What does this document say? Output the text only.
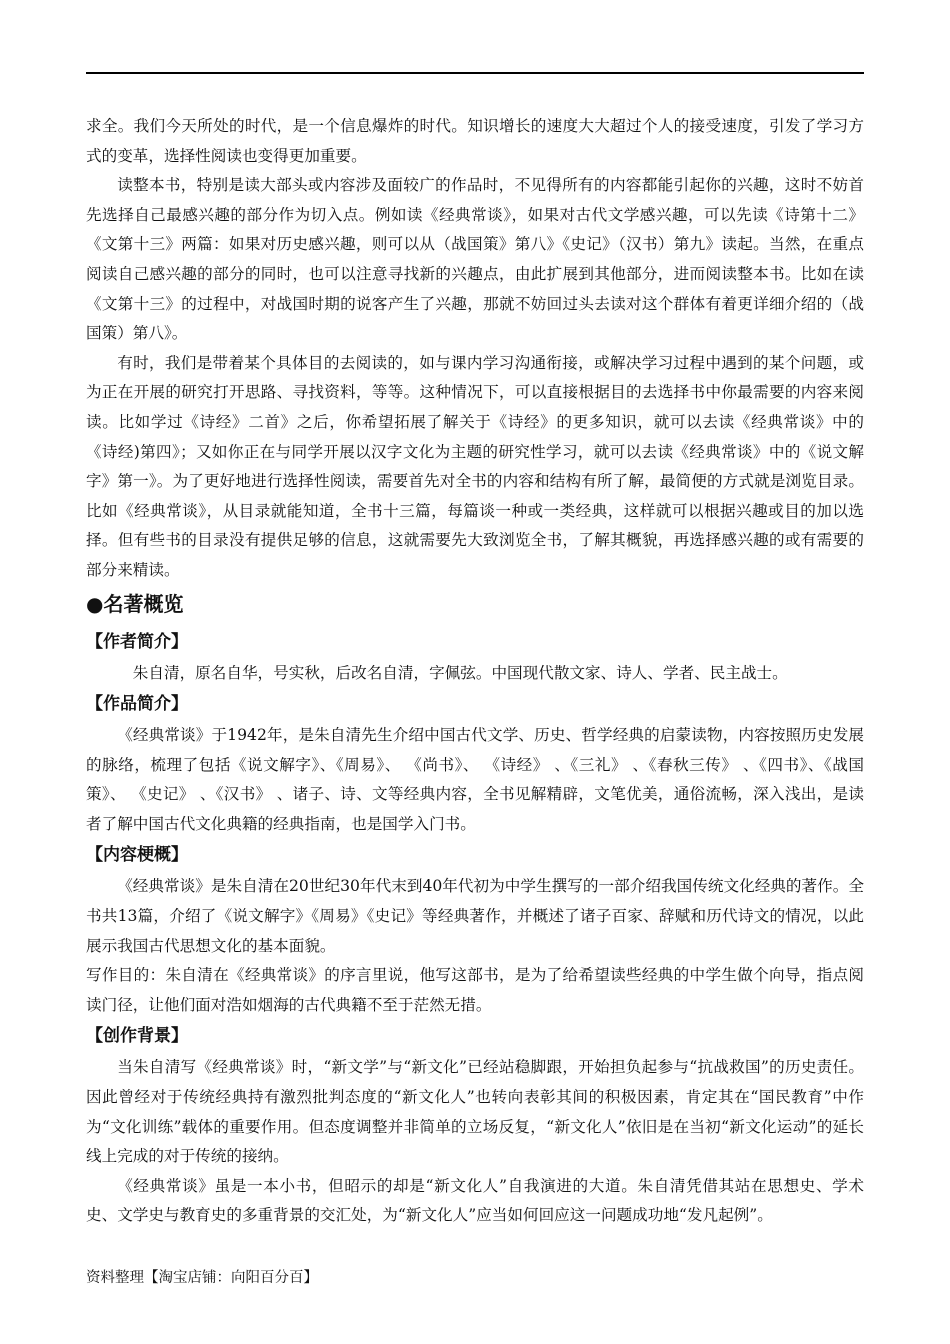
求全。我们今天所处的时代，是一个信息爆炸的时代。知识增长的速度大大超过个人的接受速度，引发了学习方式的变革，选择性阅读也变得更加重要。

读整本书，特别是读大部头或内容涉及面较广的作品时，不见得所有的内容都能引起你的兴趣，这时不妨首先选择自己最感兴趣的部分作为切入点。例如读《经典常谈》，如果对古代文学感兴趣，可以先读《诗第十二》《文第十三》两篇：如果对历史感兴趣，则可以从（战国策》第八》《史记》（汉书）第九》读起。当然，在重点阅读自己感兴趣的部分的同时，也可以注意寻找新的兴趣点，由此扩展到其他部分，进而阅读整本书。比如在读《文第十三》的过程中，对战国时期的说客产生了兴趣，那就不妨回过头去读对这个群体有着更详细介绍的（战国策）第八》。

有时，我们是带着某个具体目的去阅读的，如与课内学习沟通衔接，或解决学习过程中遇到的某个问题，或为正在开展的研究打开思路、寻找资料，等等。这种情况下，可以直接根据目的去选择书中你最需要的内容来阅读。比如学过《诗经》二首》之后，你希望拓展了解关于《诗经》的更多知识，就可以去读《经典常谈》中的《诗经)第四》；又如你正在与同学开展以汉字文化为主题的研究性学习，就可以去读《经典常谈》中的《说文解字》第一》。为了更好地进行选择性阅读，需要首先对全书的内容和结构有所了解，最简便的方式就是浏览目录。比如《经典常谈》，从目录就能知道，全书十三篇，每篇谈一种或一类经典，这样就可以根据兴趣或目的加以选择。但有些书的目录没有提供足够的信息，这就需要先大致浏览全书，了解其概貌，再选择感兴趣的或有需要的部分来精读。

●名著概览
【作者简介】

朱自清，原名自华，号实秋，后改名自清，字佩弦。中国现代散文家、诗人、学者、民主战士。

【作品简介】

《经典常谈》于1942年，是朱自清先生介绍中国古代文学、历史、哲学经典的启蒙读物，内容按照历史发展的脉络，梳理了包括《说文解字》、《周易》、 《尚书》、 《诗经》 、《三礼》 、《春秋三传》 、《四书》、《战国策》、 《史记》 、《汉书》 、诸子、诗、文等经典内容，全书见解精辟，文笔优美，通俗流畅，深入浅出，是读者了解中国古代文化典籍的经典指南，也是国学入门书。

【内容梗概】

《经典常谈》是朱自清在20世纪30年代末到40年代初为中学生撰写的一部介绍我国传统文化经典的著作。全书共13篇，介绍了《说文解字》《周易》《史记》等经典著作，并概述了诸子百家、辞赋和历代诗文的情况，以此展示我国古代思想文化的基本面貌。

写作目的：朱自清在《经典常谈》的序言里说，他写这部书，是为了给希望读些经典的中学生做个向导，指点阅读门径，让他们面对浩如烟海的古代典籍不至于茫然无措。

【创作背景】

当朱自清写《经典常谈》时，“新文学”与“新文化”已经站稳脚跟，开始担负起参与“抗战救国”的历史责任。因此曾经对于传统经典持有激烈批判态度的“新文化人”也转向表彰其间的积极因素，肯定其在“国民教育”中作为“文化训练”载体的重要作用。但态度调整并非简单的立场反复，“新文化人”依旧是在当初“新文化运动”的延长线上完成的对于传统的接纳。

《经典常谈》虽是一本小书，但昭示的却是“新文化人”自我演进的大道。朱自清凭借其站在思想史、学术史、文学史与教育史的多重背景的交汇处，为“新文化人”应当如何回应这一问题成功地“发凡起例”。

资料整理【淘宝店铺：向阳百分百】
